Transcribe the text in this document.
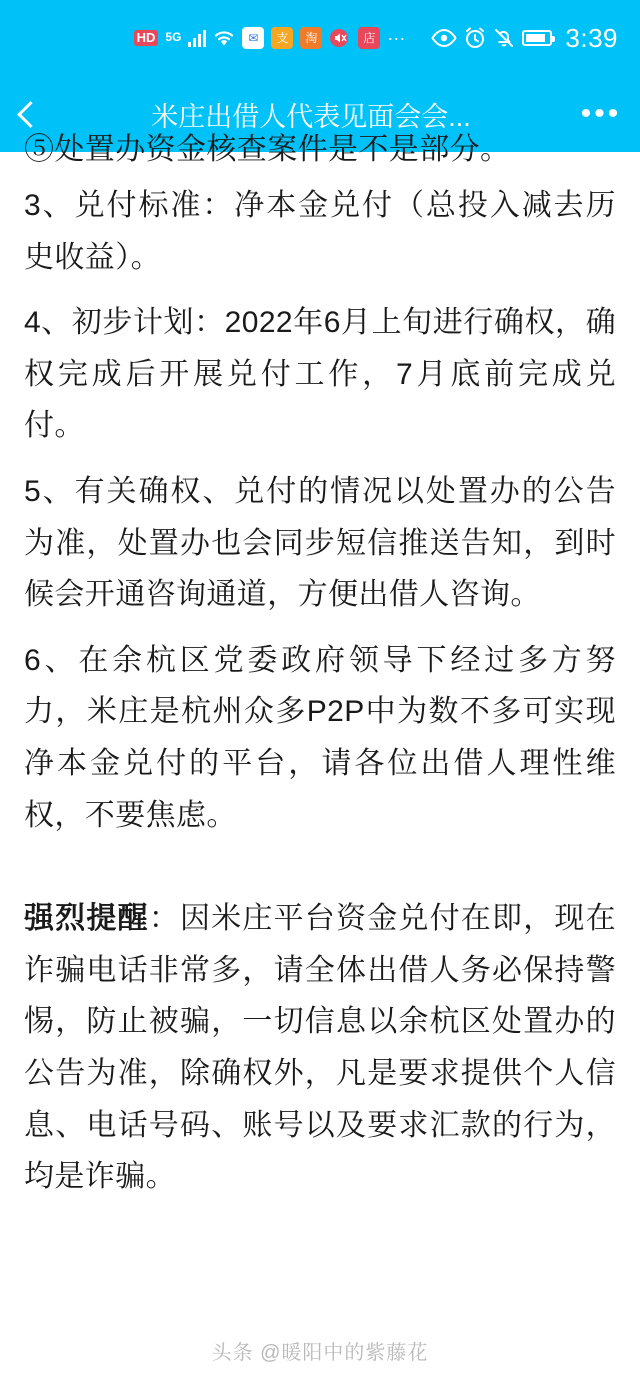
HD 5G	✉	支	淘	店 ···	3:39
米庄出借人代表见面会会...	•••
⑤处置办资金核查案件是不是部分。

3、兑付标准：净本金兑付（总投入减去历史收益）。

4、初步计划：2022年6月上旬进行确权，确权完成后开展兑付工作，7月底前完成兑付。

5、有关确权、兑付的情况以处置办的公告为准，处置办也会同步短信推送告知，到时候会开通咨询通道，方便出借人咨询。

6、在余杭区党委政府领导下经过多方努力，米庄是杭州众多P2P中为数不多可实现净本金兑付的平台，请各位出借人理性维权，不要焦虑。

强烈提醒：因米庄平台资金兑付在即，现在诈骗电话非常多，请全体出借人务必保持警惕，防止被骗，一切信息以余杭区处置办的公告为准，除确权外，凡是要求提供个人信息、电话号码、账号以及要求汇款的行为，均是诈骗。

头条 @暖阳中的紫藤花
